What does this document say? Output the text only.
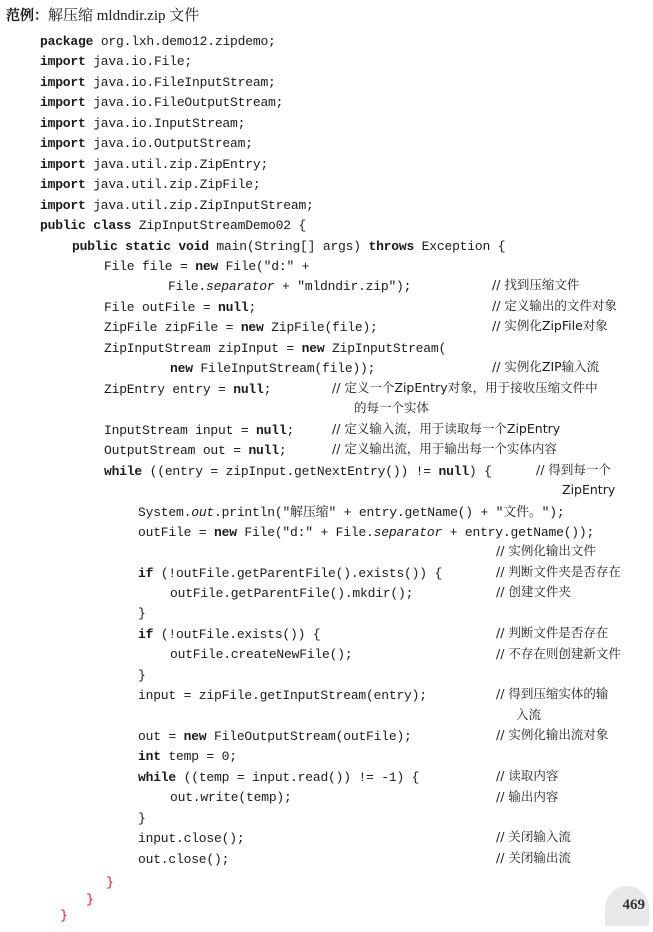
范例：解压缩 mldndir.zip 文件
package org.lxh.demo12.zipdemo;
import java.io.File;
import java.io.FileInputStream;
import java.io.FileOutputStream;
import java.io.InputStream;
import java.io.OutputStream;
import java.util.zip.ZipEntry;
import java.util.zip.ZipFile;
import java.util.zip.ZipInputStream;
public class ZipInputStreamDemo02 {
public static void main(String[] args) throws Exception {
File file = new File("d:" +
File.separator + "mldndir.zip");
File outFile = null;
ZipFile zipFile = new ZipFile(file);
ZipInputStream zipInput = new ZipInputStream(
new FileInputStream(file));
ZipEntry entry = null;
InputStream input = null;
OutputStream out = null;
while ((entry = zipInput.getNextEntry()) != null) {
System.out.println("解压缩" + entry.getName() + "文件。");
outFile = new File("d:" + File.separator + entry.getName());
if (!outFile.getParentFile().exists()) {
outFile.getParentFile().mkdir();
}
if (!outFile.exists()) {
outFile.createNewFile();
}
input = zipFile.getInputStream(entry);
out = new FileOutputStream(outFile);
int temp = 0;
while ((temp = input.read()) != -1) {
out.write(temp);
}
input.close();
out.close();
// 找到压缩文件
// 定义输出的文件对象
// 实例化ZipFile对象
// 实例化ZIP输入流
// 定义一个ZipEntry对象，用于接收压缩文件中
的每一个实体
// 定义输入流，用于读取每一个ZipEntry
// 定义输出流，用于输出每一个实体内容
// 得到每一个
ZipEntry
// 实例化输出文件
// 判断文件夹是否存在
// 创建文件夹
// 判断文件是否存在
// 不存在则创建新文件
// 得到压缩实体的输
入流
// 实例化输出流对象
// 读取内容
// 输出内容
// 关闭输入流
// 关闭输出流
}
}
}
469
